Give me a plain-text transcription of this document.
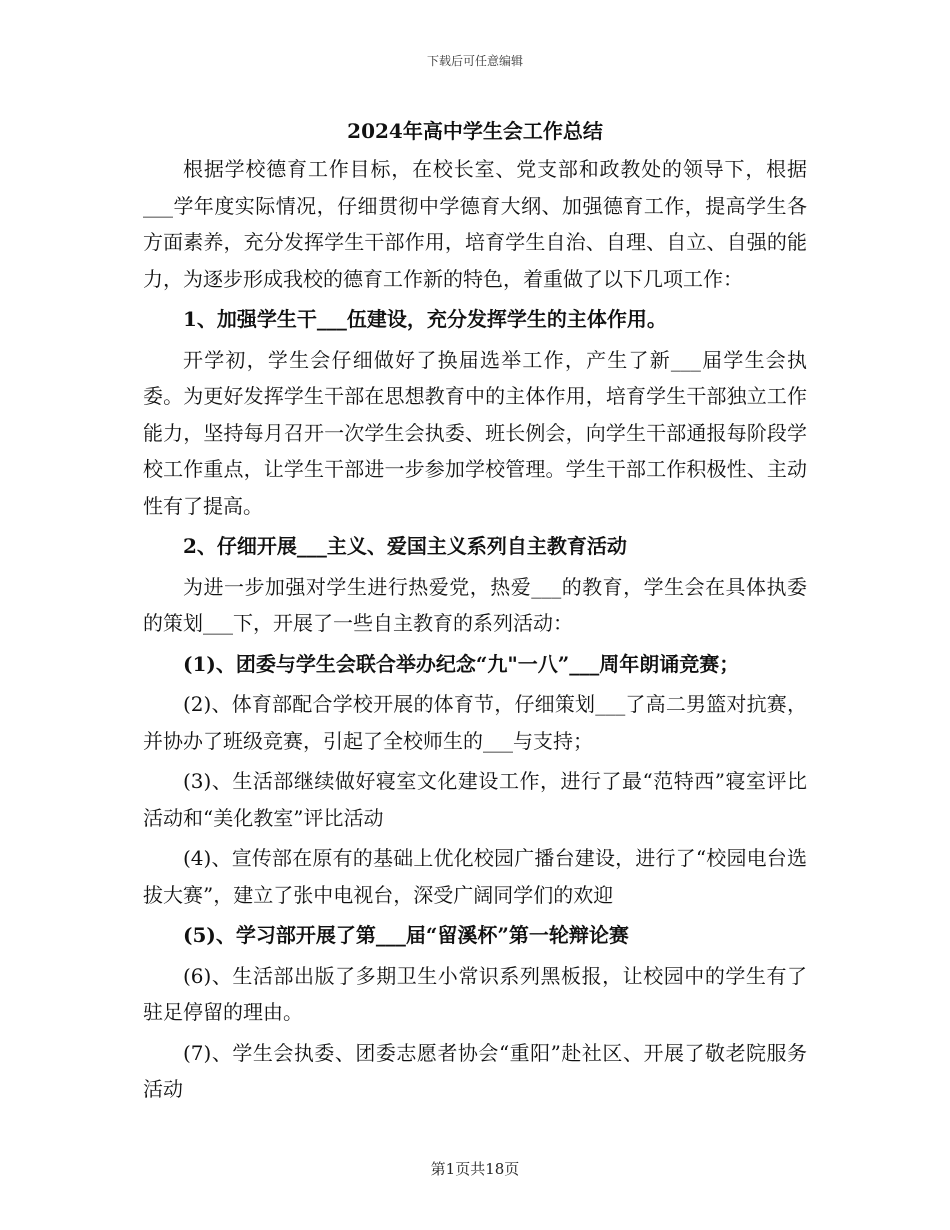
下载后可任意编辑
2024年高中学生会工作总结

根据学校德育工作目标，在校长室、党支部和政教处的领导下，根据___学年度实际情况，仔细贯彻中学德育大纲、加强德育工作，提高学生各方面素养，充分发挥学生干部作用，培育学生自治、自理、自立、自强的能力，为逐步形成我校的德育工作新的特色，着重做了以下几项工作：

1、加强学生干___伍建设，充分发挥学生的主体作用。

开学初，学生会仔细做好了换届选举工作，产生了新___届学生会执委。为更好发挥学生干部在思想教育中的主体作用，培育学生干部独立工作能力，坚持每月召开一次学生会执委、班长例会，向学生干部通报每阶段学校工作重点，让学生干部进一步参加学校管理。学生干部工作积极性、主动性有了提高。

2、仔细开展___主义、爱国主义系列自主教育活动

为进一步加强对学生进行热爱党，热爱___的教育，学生会在具体执委的策划___下，开展了一些自主教育的系列活动：

(1)、团委与学生会联合举办纪念“九"一八”___周年朗诵竞赛；

(2)、体育部配合学校开展的体育节，仔细策划___了高二男篮对抗赛，并协办了班级竞赛，引起了全校师生的___与支持；

(3)、生活部继续做好寝室文化建设工作，进行了最“范特西”寝室评比活动和“美化教室”评比活动

(4)、宣传部在原有的基础上优化校园广播台建设，进行了“校园电台选拔大赛”，建立了张中电视台，深受广阔同学们的欢迎

(5)、学习部开展了第___届“留溪杯”第一轮辩论赛

(6)、生活部出版了多期卫生小常识系列黑板报，让校园中的学生有了驻足停留的理由。

(7)、学生会执委、团委志愿者协会“重阳”赴社区、开展了敬老院服务活动

第1页共18页
